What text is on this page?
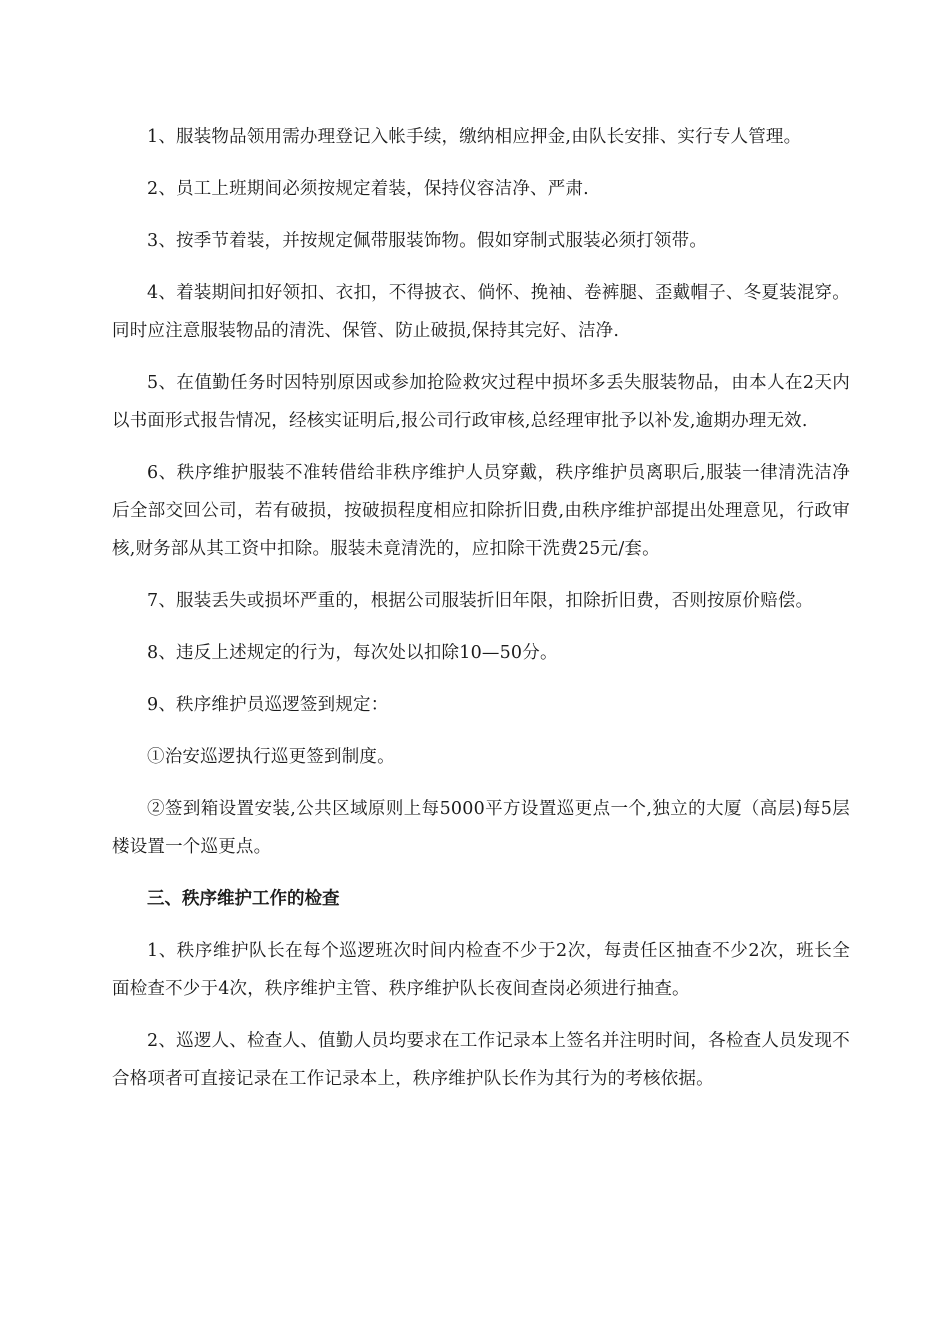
1、服装物品领用需办理登记入帐手续，缴纳相应押金,由队长安排、实行专人管理。

2、员工上班期间必须按规定着装，保持仪容洁净、严肃.

3、按季节着装，并按规定佩带服装饰物。假如穿制式服装必须打领带。

4、着装期间扣好领扣、衣扣，不得披衣、倘怀、挽袖、卷裤腿、歪戴帽子、冬夏装混穿。同时应注意服装物品的清洗、保管、防止破损,保持其完好、洁净.

5、在值勤任务时因特别原因或参加抢险救灾过程中损坏多丢失服装物品，由本人在2天内以书面形式报告情况，经核实证明后,报公司行政审核,总经理审批予以补发,逾期办理无效.

6、秩序维护服装不准转借给非秩序维护人员穿戴，秩序维护员离职后,服装一律清洗洁净后全部交回公司，若有破损，按破损程度相应扣除折旧费,由秩序维护部提出处理意见，行政审核,财务部从其工资中扣除。服装未竟清洗的，应扣除干洗费25元/套。

7、服装丢失或损坏严重的，根据公司服装折旧年限，扣除折旧费，否则按原价赔偿。

8、违反上述规定的行为，每次处以扣除10—50分。

9、秩序维护员巡逻签到规定：

①治安巡逻执行巡更签到制度。

②签到箱设置安装,公共区域原则上每5000平方设置巡更点一个,独立的大厦（高层)每5层楼设置一个巡更点。

三、秩序维护工作的检查

1、秩序维护队长在每个巡逻班次时间内检查不少于2次，每责任区抽查不少2次，班长全面检查不少于4次，秩序维护主管、秩序维护队长夜间查岗必须进行抽查。

2、巡逻人、检查人、值勤人员均要求在工作记录本上签名并注明时间，各检查人员发现不合格项者可直接记录在工作记录本上，秩序维护队长作为其行为的考核依据。
